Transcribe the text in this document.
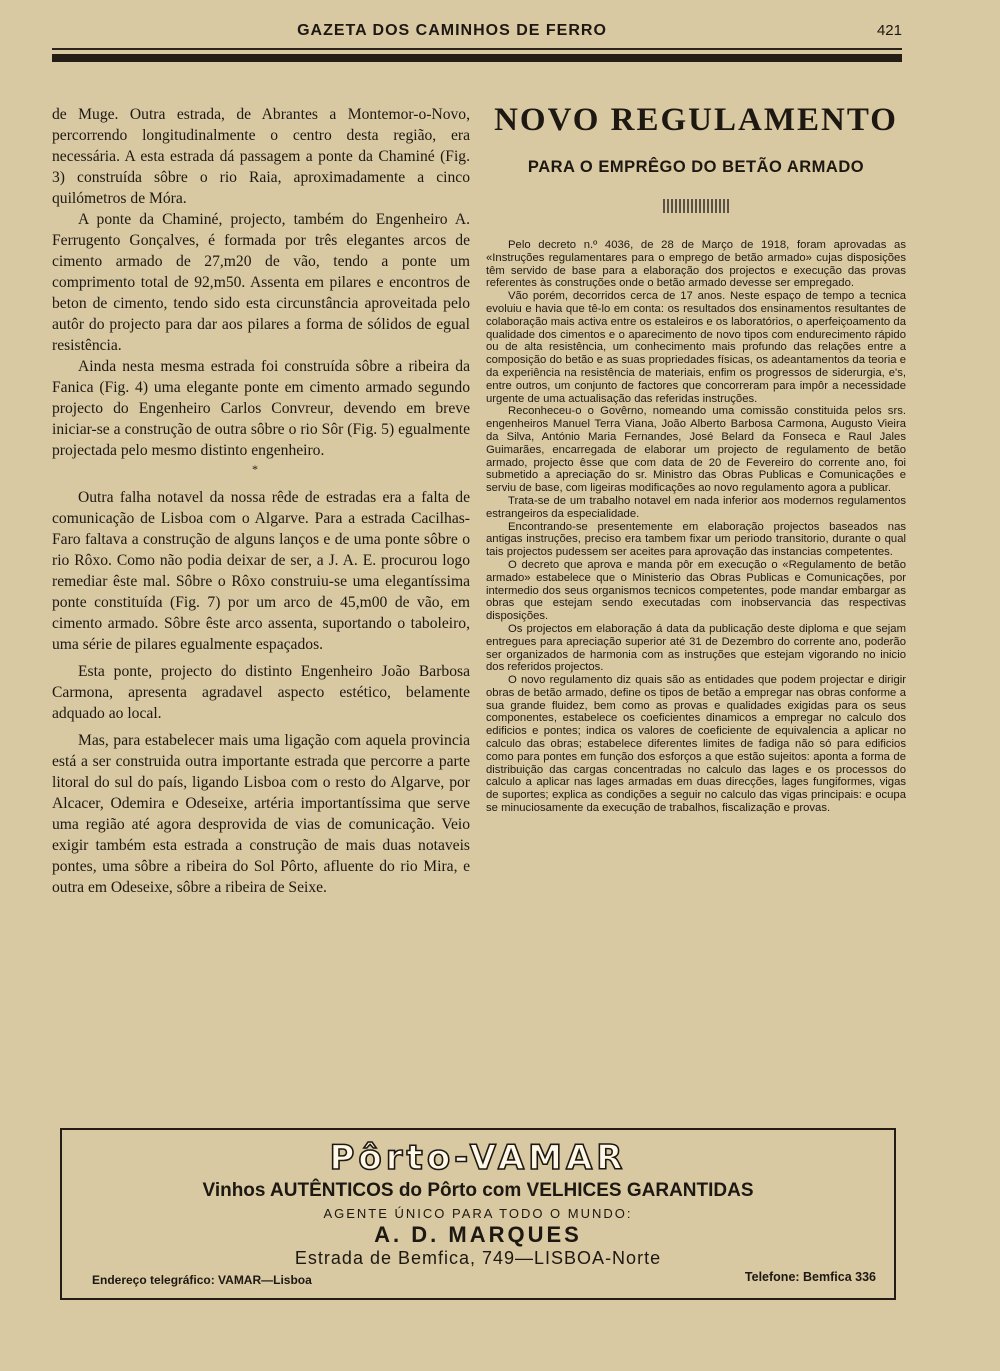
GAZETA DOS CAMINHOS DE FERRO	421

de Muge. Outra estrada, de Abrantes a Montemor-o-Novo, percorrendo longitudinalmente o centro desta região, era necessária. A esta estrada dá passagem a ponte da Chaminé (Fig. 3) construída sôbre o rio Raia, aproximadamente a cinco quilómetros de Móra.

A ponte da Chaminé, projecto, também do Engenheiro A. Ferrugento Gonçalves, é formada por três elegantes arcos de cimento armado de 27,m20 de vão, tendo a ponte um comprimento total de 92,m50. Assenta em pilares e encontros de beton de cimento, tendo sido esta circunstância aproveitada pelo autôr do projecto para dar aos pilares a forma de sólidos de egual resistência.

Ainda nesta mesma estrada foi construída sôbre a ribeira da Fanica (Fig. 4) uma elegante ponte em cimento armado segundo projecto do Engenheiro Carlos Convreur, devendo em breve iniciar-se a construção de outra sôbre o rio Sôr (Fig. 5) egualmente projectada pelo mesmo distinto engenheiro.

*

Outra falha notavel da nossa rêde de estradas era a falta de comunicação de Lisboa com o Algarve. Para a estrada Cacilhas-Faro faltava a construção de alguns lanços e de uma ponte sôbre o rio Rôxo. Como não podia deixar de ser, a J. A. E. procurou logo remediar êste mal. Sôbre o Rôxo construiu-se uma elegantíssima ponte constituída (Fig. 7) por um arco de 45,m00 de vão, em cimento armado. Sôbre êste arco assenta, suportando o taboleiro, uma série de pilares egualmente espaçados.

Esta ponte, projecto do distinto Engenheiro João Barbosa Carmona, apresenta agradavel aspecto estético, belamente adquado ao local.

Mas, para estabelecer mais uma ligação com aquela provincia está a ser construida outra importante estrada que percorre a parte litoral do sul do país, ligando Lisboa com o resto do Algarve, por Alcacer, Odemira e Odeseixe, artéria importantíssima que serve uma região até agora desprovida de vias de comunicação. Veio exigir também esta estrada a construção de mais duas notaveis pontes, uma sôbre a ribeira do Sol Pôrto, afluente do rio Mira, e outra em Odeseixe, sôbre a ribeira de Seixe.

NOVO REGULAMENTO
PARA O EMPRÊGO DO BETÃO ARMADO

Pelo decreto n.º 4036, de 28 de Março de 1918, foram aprovadas as «Instruções regulamentares para o emprego de betão armado» cujas disposições têm servido de base para a elaboração dos projectos e execução das provas referentes às construções onde o betão armado devesse ser empregado.

Vão porém, decorridos cerca de 17 anos. Neste espaço de tempo a tecnica evoluiu e havia que tê-lo em conta: os resultados dos ensinamentos resultantes de colaboração mais activa entre os estaleiros e os laboratórios, o aperfeiçoamento da qualidade dos cimentos e o aparecimento de novo tipos com endurecimento rápido ou de alta resistência, um conhecimento mais profundo das relações entre a composição do betão e as suas propriedades físicas, os adeantamentos da teoria e da experiência na resistência de materiais, enfim os progressos de siderurgia, e's, entre outros, um conjunto de factores que concorreram para impôr a necessidade urgente de uma actualisação das referidas instruções.

Reconheceu-o o Govêrno, nomeando uma comissão constituida pelos srs. engenheiros Manuel Terra Viana, João Alberto Barbosa Carmona, Augusto Vieira da Silva, António Maria Fernandes, José Belard da Fonseca e Raul Jales Guimarães, encarregada de elaborar um projecto de regulamento de betão armado, projecto êsse que com data de 20 de Fevereiro do corrente ano, foi submetido a apreciação do sr. Ministro das Obras Publicas e Comunicações e serviu de base, com ligeiras modificações ao novo regulamento agora a publicar.

Trata-se de um trabalho notavel em nada inferior aos modernos regulamentos estrangeiros da especialidade.

Encontrando-se presentemente em elaboração projectos baseados nas antigas instruções, preciso era tambem fixar um periodo transitorio, durante o qual tais projectos pudessem ser aceites para aprovação das instancias competentes.

O decreto que aprova e manda pôr em execução o «Regulamento de betão armado» estabelece que o Ministerio das Obras Publicas e Comunicações, por intermedio dos seus organismos tecnicos competentes, pode mandar embargar as obras que estejam sendo executadas com inobservancia das respectivas disposições.

Os projectos em elaboração á data da publicação deste diploma e que sejam entregues para apreciação superior até 31 de Dezembro do corrente ano, poderão ser organizados de harmonia com as instruções que estejam vigorando no inicio dos referidos projectos.

O novo regulamento diz quais são as entidades que podem projectar e dirigir obras de betão armado, define os tipos de betão a empregar nas obras conforme a sua grande fluidez, bem como as provas e qualidades exigidas para os seus componentes, estabelece os coeficientes dinamicos a empregar no calculo dos edificios e pontes; indica os valores de coeficiente de equivalencia a aplicar no calculo das obras; estabelece diferentes limites de fadiga não só para edificios como para pontes em função dos esforços a que estão sujeitos: aponta a forma de distribuição das cargas concentradas no calculo das lages e os processos do calculo a aplicar nas lages armadas em duas direcções, lages fungiformes, vigas de suportes; explica as condições a seguir no calculo das vigas principais: e ocupa se minuciosamente da execução de trabalhos, fiscalização e provas.

Pôrto-VAMAR
Vinhos AUTÊNTICOS do Pôrto com VELHICES GARANTIDAS
AGENTE ÚNICO PARA TODO O MUNDO:
A. D. MARQUES
Estrada de Bemfica, 749—LISBOA-Norte
Endereço telegráfico: VAMAR—Lisboa	Telefone: Bemfica 336
